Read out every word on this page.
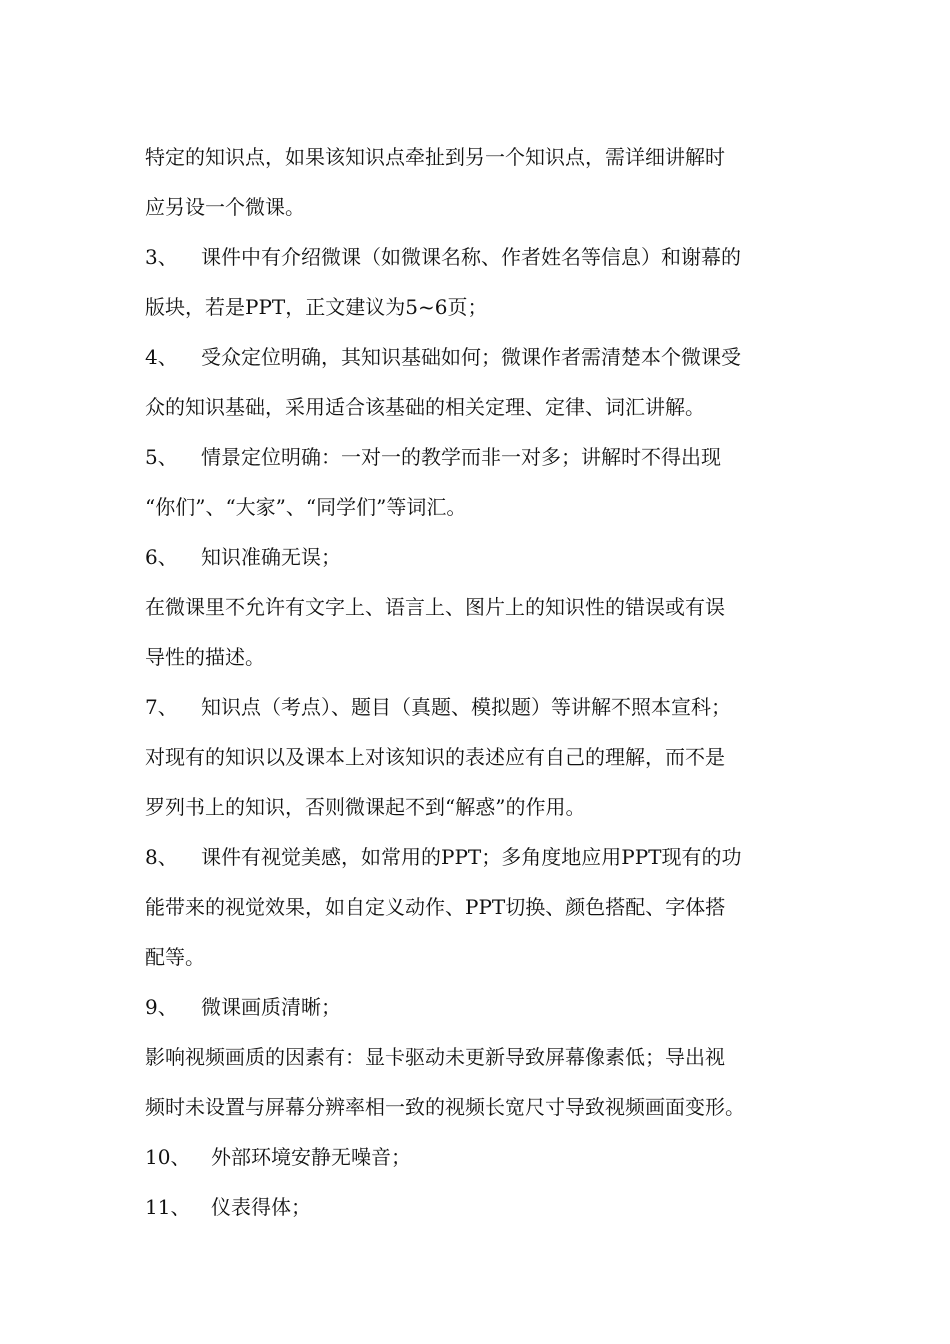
特定的知识点，如果该知识点牵扯到另一个知识点，需详细讲解时
应另设一个微课。
3、	课件中有介绍微课（如微课名称、作者姓名等信息）和谢幕的
版块，若是PPT，正文建议为5~6页；
4、	受众定位明确，其知识基础如何；微课作者需清楚本个微课受
众的知识基础，采用适合该基础的相关定理、定律、词汇讲解。
5、	情景定位明确：一对一的教学而非一对多；讲解时不得出现
“你们”、“大家”、“同学们”等词汇。
6、	知识准确无误；
在微课里不允许有文字上、语言上、图片上的知识性的错误或有误
导性的描述。
7、	知识点（考点）、题目（真题、模拟题）等讲解不照本宣科；
对现有的知识以及课本上对该知识的表述应有自己的理解，而不是
罗列书上的知识，否则微课起不到“解惑”的作用。
8、	课件有视觉美感，如常用的PPT；多角度地应用PPT现有的功
能带来的视觉效果，如自定义动作、PPT切换、颜色搭配、字体搭
配等。
9、	微课画质清晰；
影响视频画质的因素有：显卡驱动未更新导致屏幕像素低；导出视
频时未设置与屏幕分辨率相一致的视频长宽尺寸导致视频画面变形。
10、	外部环境安静无噪音；
11、	仪表得体；
